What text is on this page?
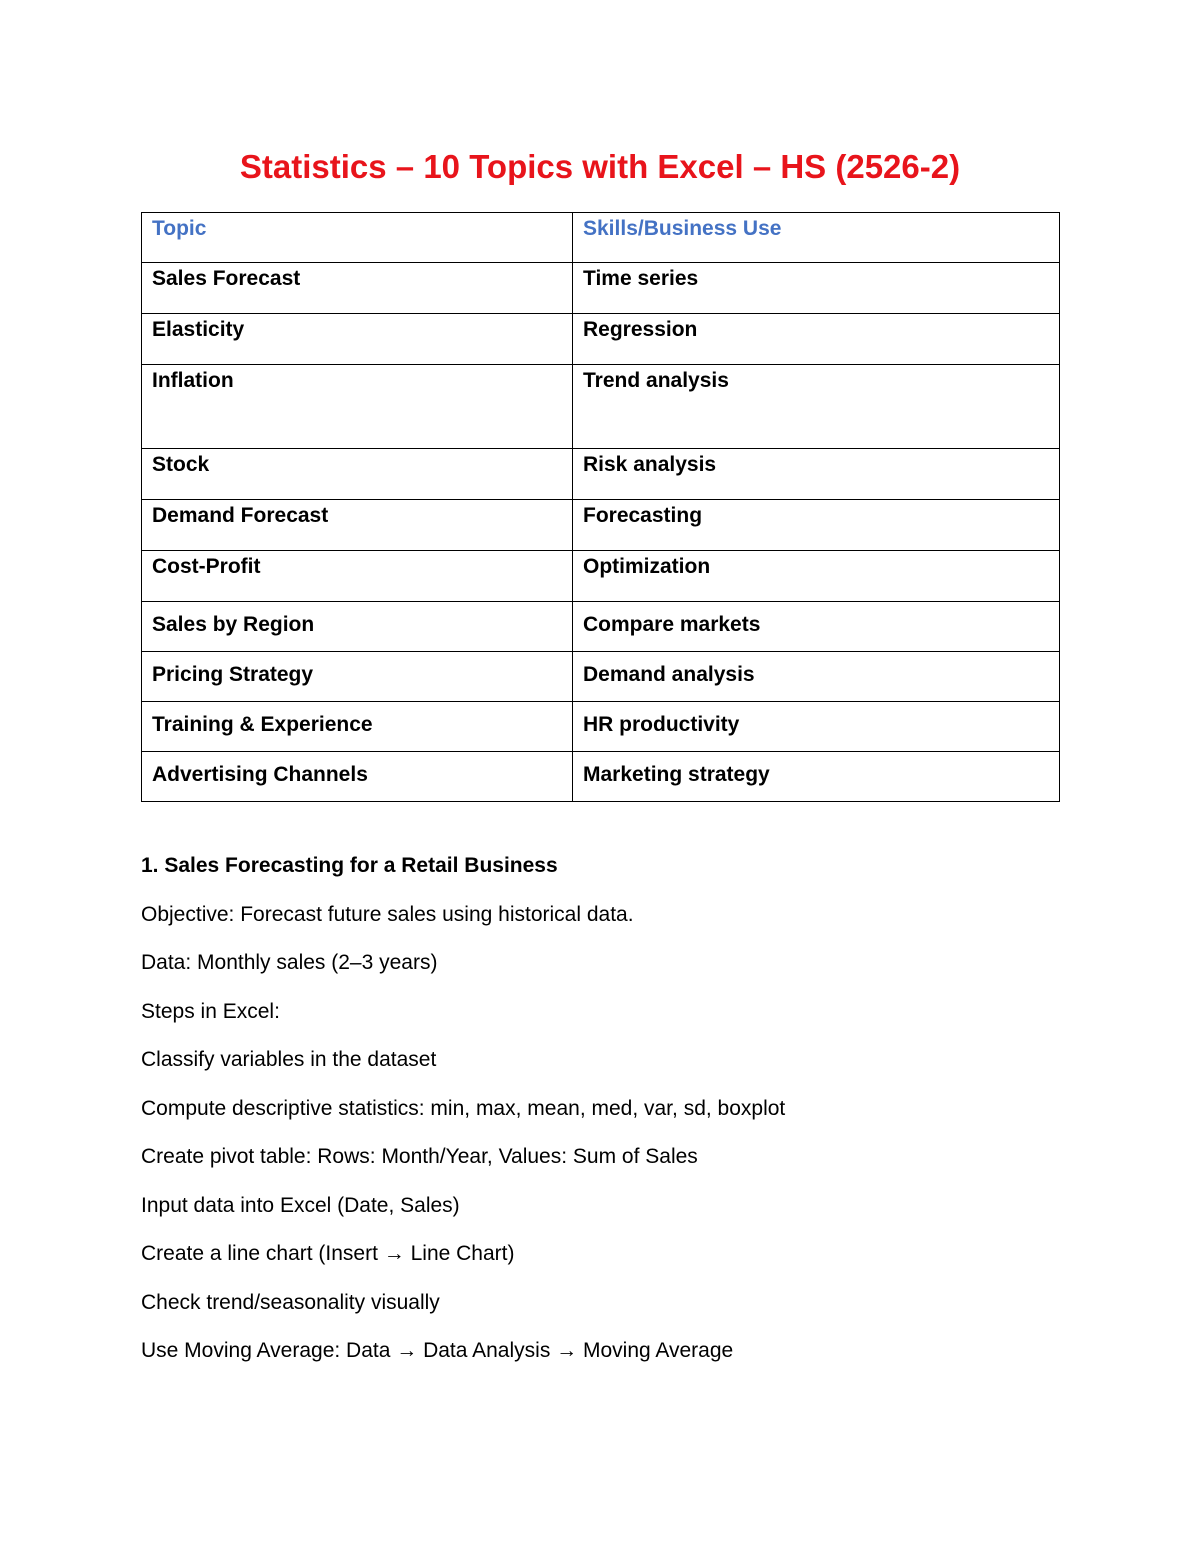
Statistics – 10 Topics with Excel – HS (2526-2)
Topic	Skills/Business Use
Sales Forecast	Time series
Elasticity	Regression
Inflation	Trend analysis
Stock	Risk analysis
Demand Forecast	Forecasting
Cost-Profit	Optimization
Sales by Region	Compare markets
Pricing Strategy	Demand analysis
Training & Experience	HR productivity
Advertising Channels	Marketing strategy
1. Sales Forecasting for a Retail Business
Objective: Forecast future sales using historical data.
Data: Monthly sales (2–3 years)
Steps in Excel:
Classify variables in the dataset
Compute descriptive statistics: min, max, mean, med, var, sd, boxplot
Create pivot table: Rows: Month/Year, Values: Sum of Sales
Input data into Excel (Date, Sales)
Create a line chart (Insert → Line Chart)
Check trend/seasonality visually
Use Moving Average: Data → Data Analysis → Moving Average
